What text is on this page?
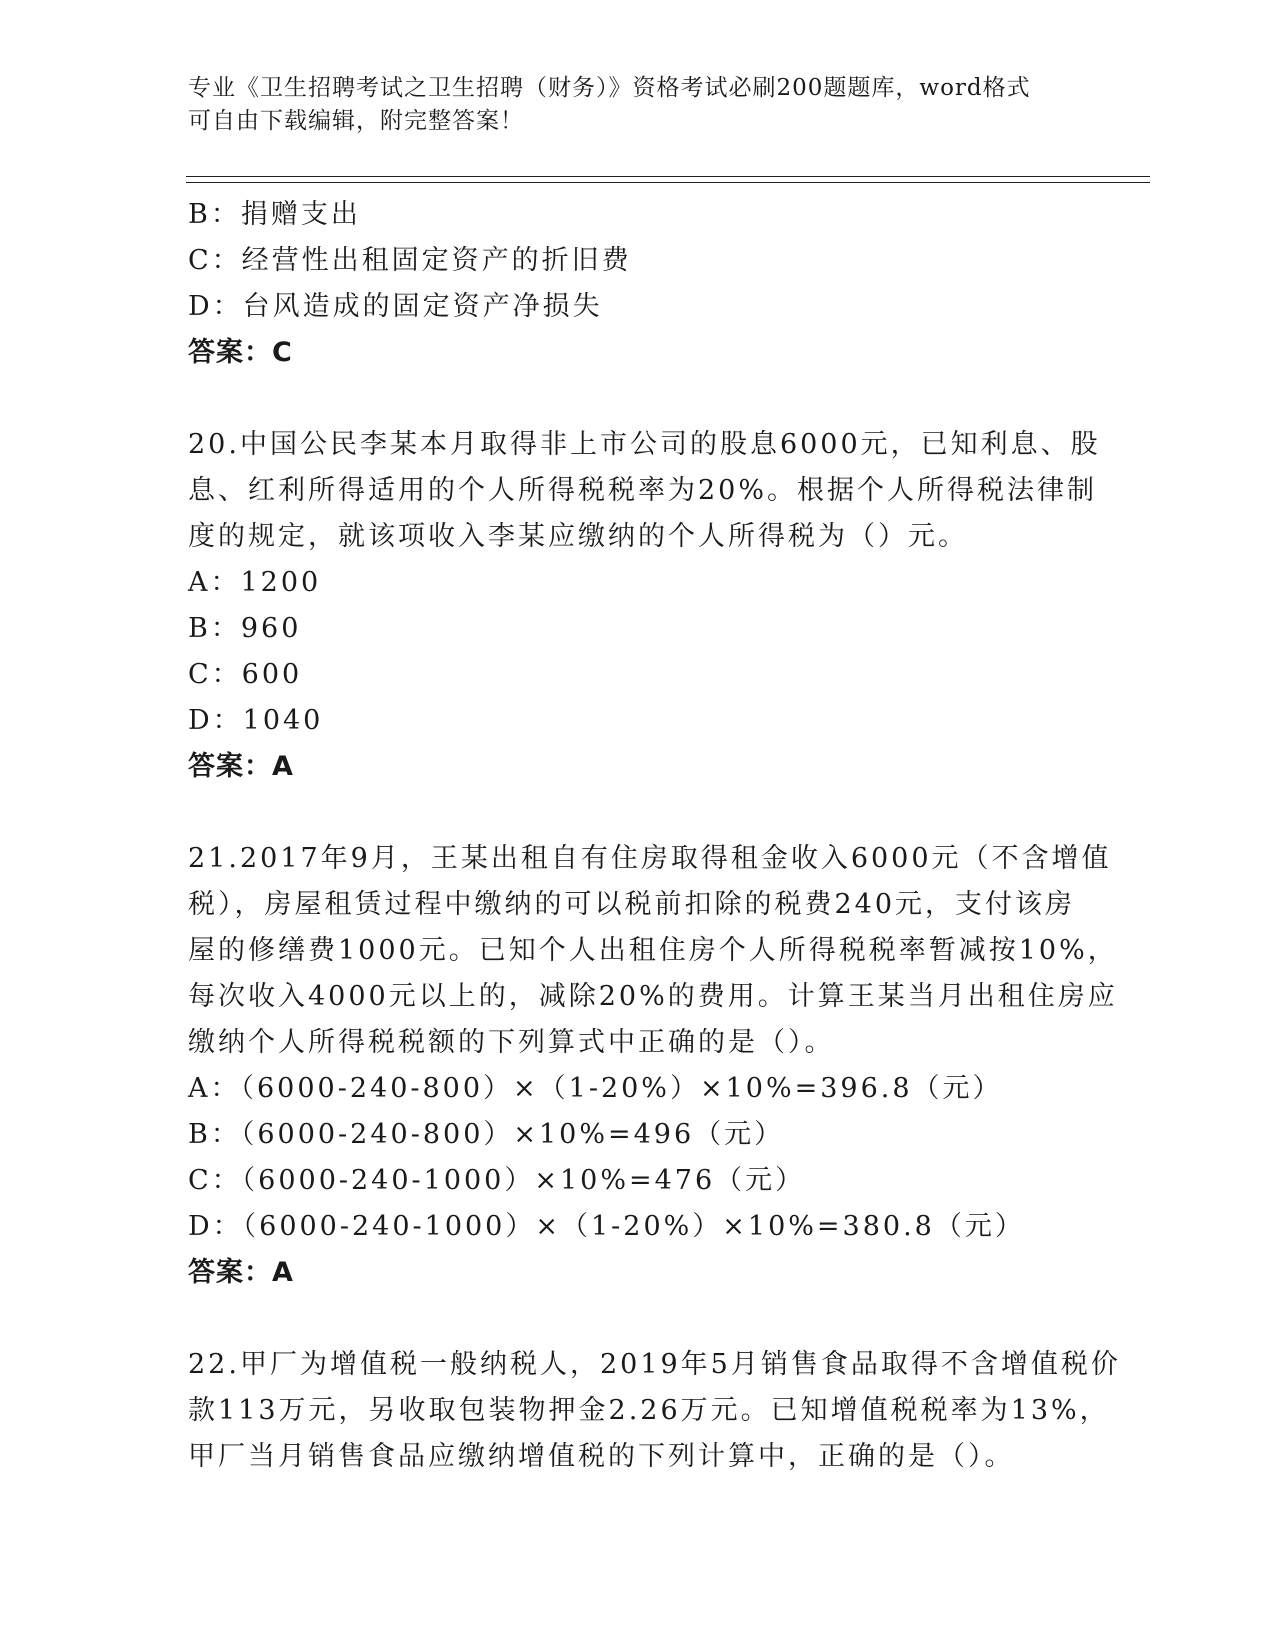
专业《卫生招聘考试之卫生招聘（财务）》资格考试必刷200题题库，word格式
可自由下载编辑，附完整答案！
B：捐赠支出
C：经营性出租固定资产的折旧费
D：台风造成的固定资产净损失
答案：C
20.中国公民李某本月取得非上市公司的股息6000元，已知利息、股
息、红利所得适用的个人所得税税率为20%。根据个人所得税法律制
度的规定，就该项收入李某应缴纳的个人所得税为（）元。
A：1200
B：960
C：600
D：1040
答案：A
21.2017年9月，王某出租自有住房取得租金收入6000元（不含增值
税），房屋租赁过程中缴纳的可以税前扣除的税费240元，支付该房
屋的修缮费1000元。已知个人出租住房个人所得税税率暂减按10%，
每次收入4000元以上的，减除20%的费用。计算王某当月出租住房应
缴纳个人所得税税额的下列算式中正确的是（）。
A：（6000-240-800）×（1-20%）×10%=396.8（元）
B：（6000-240-800）×10%=496（元）
C：（6000-240-1000）×10%=476（元）
D：（6000-240-1000）×（1-20%）×10%=380.8（元）
答案：A
22.甲厂为增值税一般纳税人，2019年5月销售食品取得不含增值税价
款113万元，另收取包装物押金2.26万元。已知增值税税率为13%，
甲厂当月销售食品应缴纳增值税的下列计算中，正确的是（）。
